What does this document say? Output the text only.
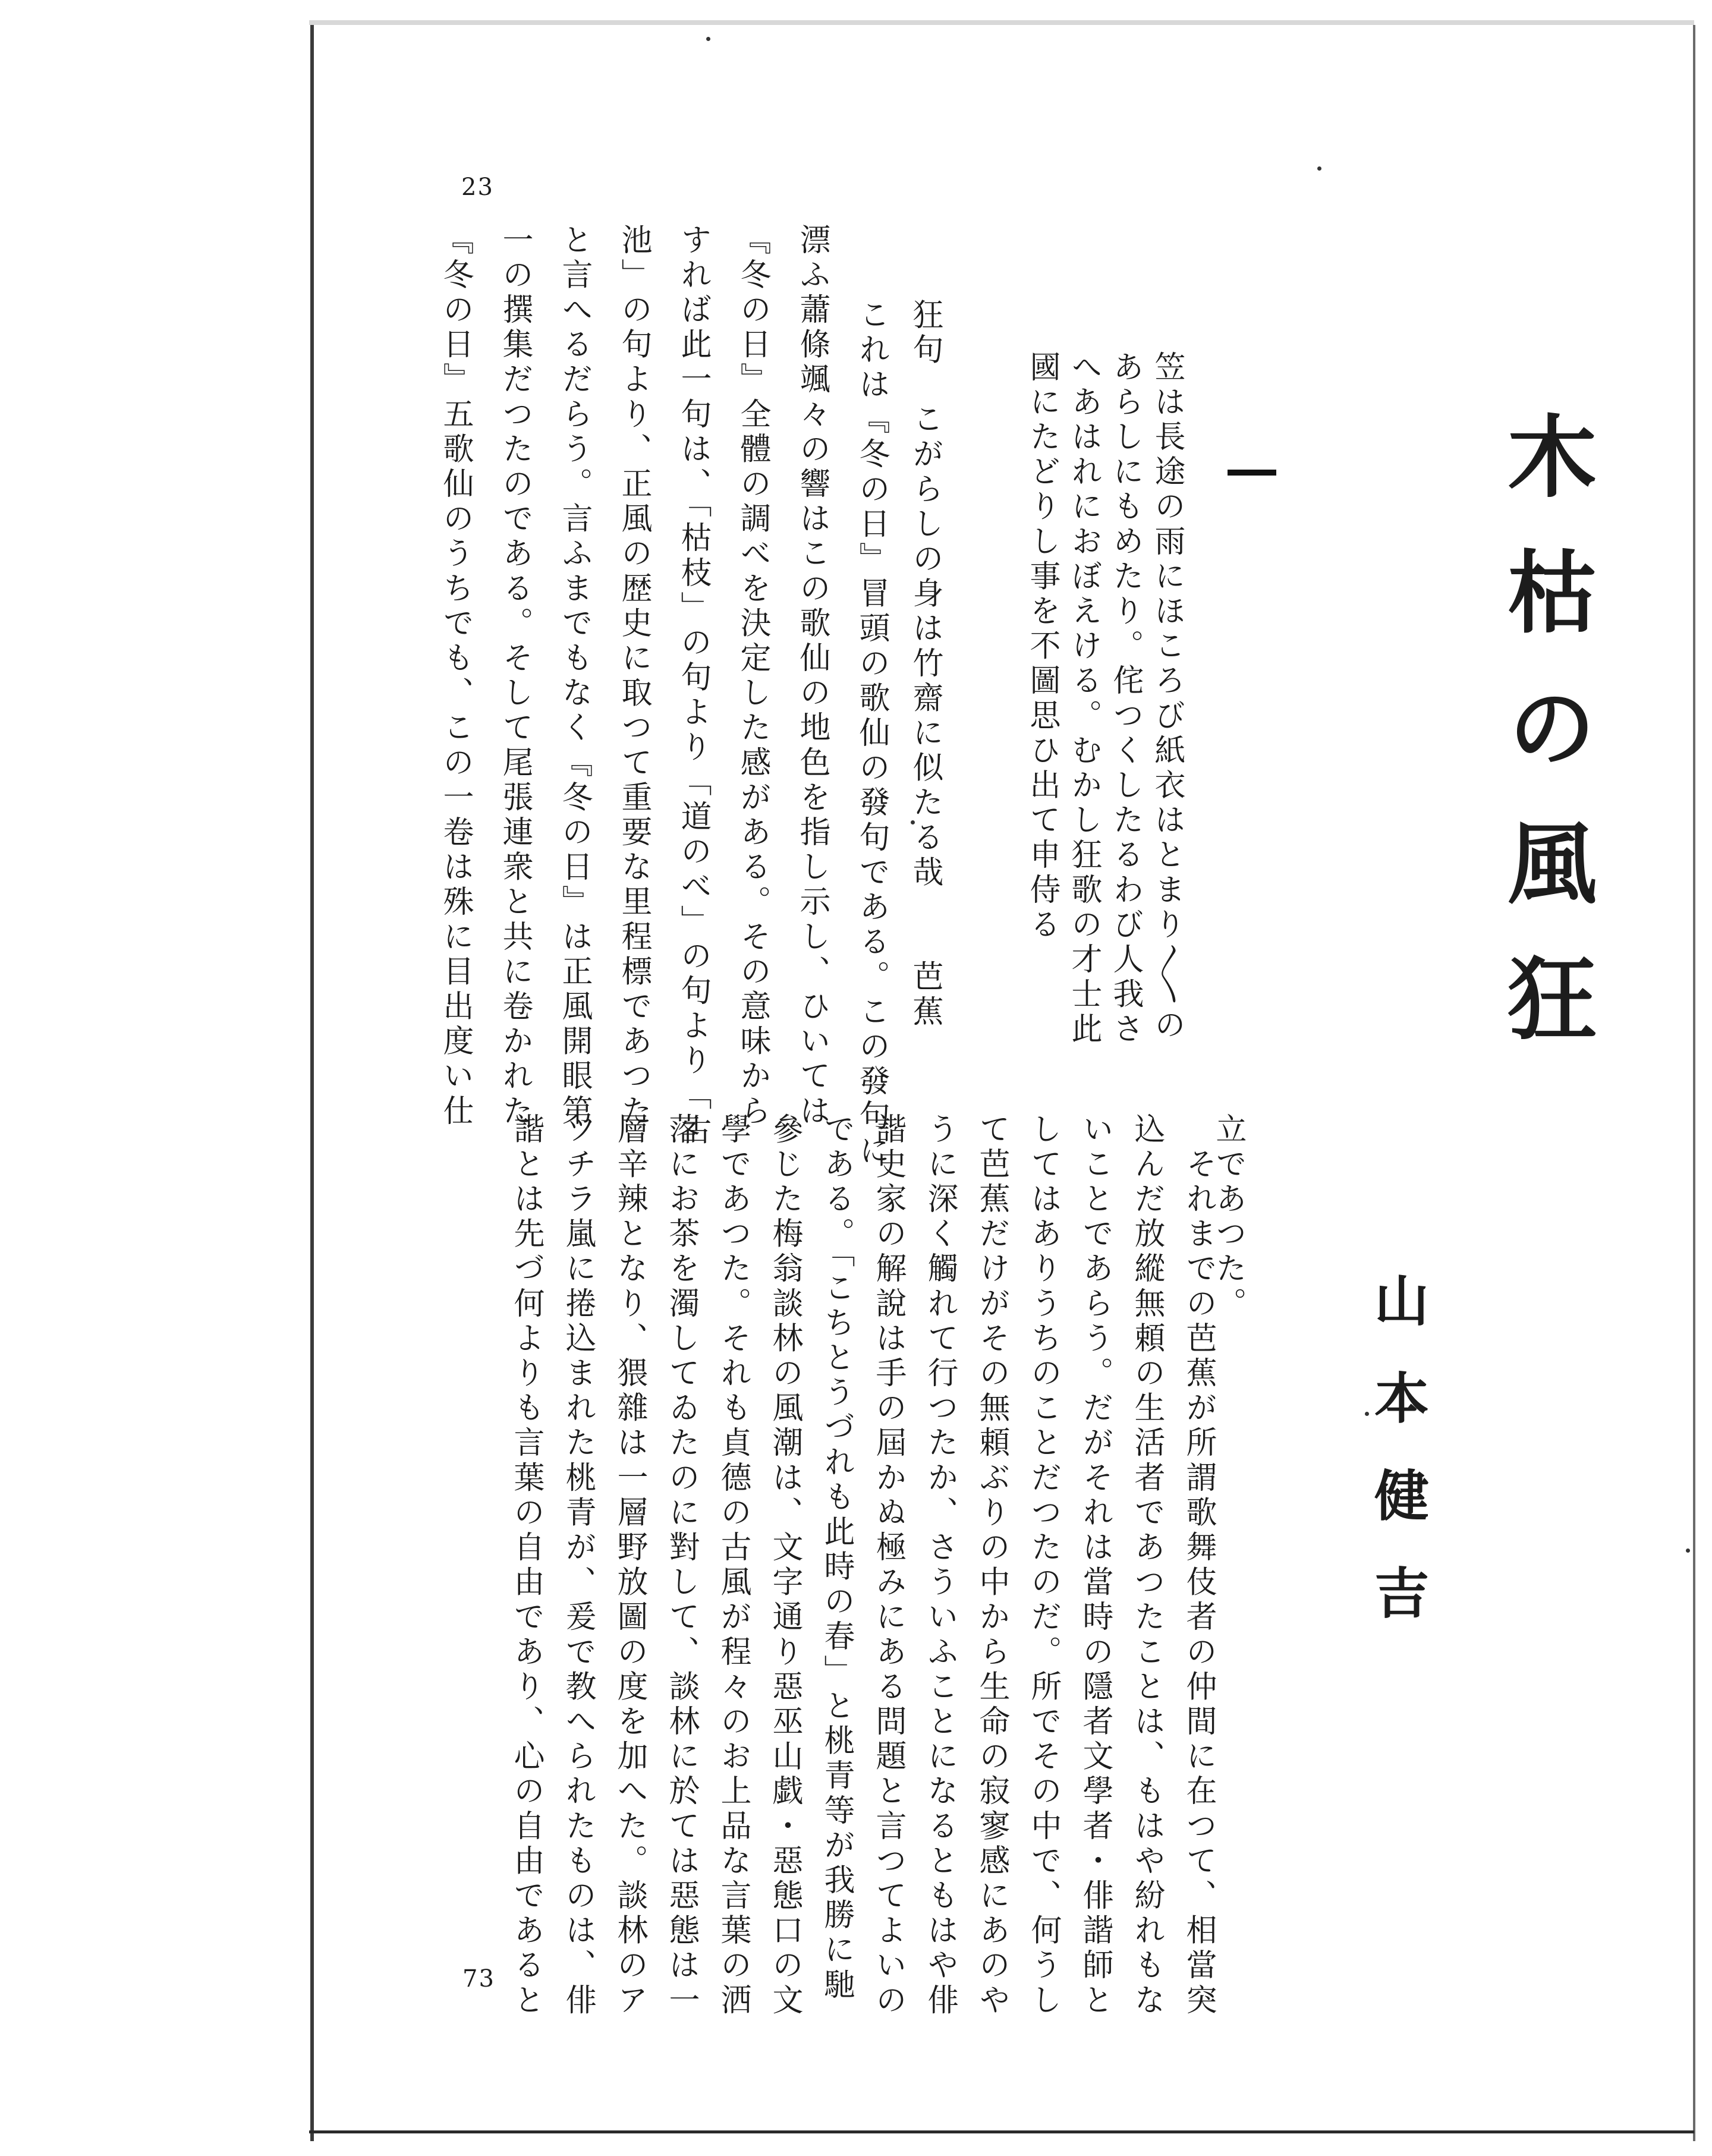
23
73
木枯の風狂
山本健吉
笠は長途の雨にほころび紙衣はとまり〳〵の
あらしにもめたり。侘つくしたるわび人我さ
へあはれにおぼえける。むかし狂歌の才士此
國にたどりし事を不圖思ひ出て申侍る
狂句　こがらしの身は竹齋に似たる哉　　芭蕉
これは『冬の日』冒頭の歌仙の發句である。この發句に
漂ふ蕭條颯々の響はこの歌仙の地色を指し示し、ひいては
『冬の日』全體の調べを決定した感がある。その意味から
すれば此一句は、「枯枝」の句より「道のべ」の句より「古
池」の句より、正風の歴史に取つて重要な里程標であつた
と言へるだらう。言ふまでもなく『冬の日』は正風開眼第
一の撰集だつたのである。そして尾張連衆と共に卷かれた
『冬の日』五歌仙のうちでも、この一卷は殊に目出度い仕
立であつた。
　それまでの芭蕉が所謂歌舞伎者の仲間に在つて、相當突
込んだ放縱無頼の生活者であつたことは、もはや紛れもな
いことであらう。だがそれは當時の隱者文學者・俳諧師と
してはありうちのことだつたのだ。所でその中で、何うし
て芭蕉だけがその無頼ぶりの中から生命の寂寥感にあのや
うに深く觸れて行つたか、さういふことになるともはや俳
諧史家の解說は手の屆かぬ極みにある問題と言つてよいの
である。「こちとうづれも此時の春」と桃青等が我勝に馳
參じた梅翁談林の風潮は、文字通り惡巫山戯・惡態口の文
學であつた。それも貞德の古風が程々のお上品な言葉の洒
落にお茶を濁してゐたのに對して、談林に於ては惡態は一
層辛辣となり、猥雜は一層野放圖の度を加へた。談林のア
ツチラ嵐に捲込まれた桃青が、爰で教へられたものは、俳
諧とは先づ何よりも言葉の自由であり、心の自由であると
